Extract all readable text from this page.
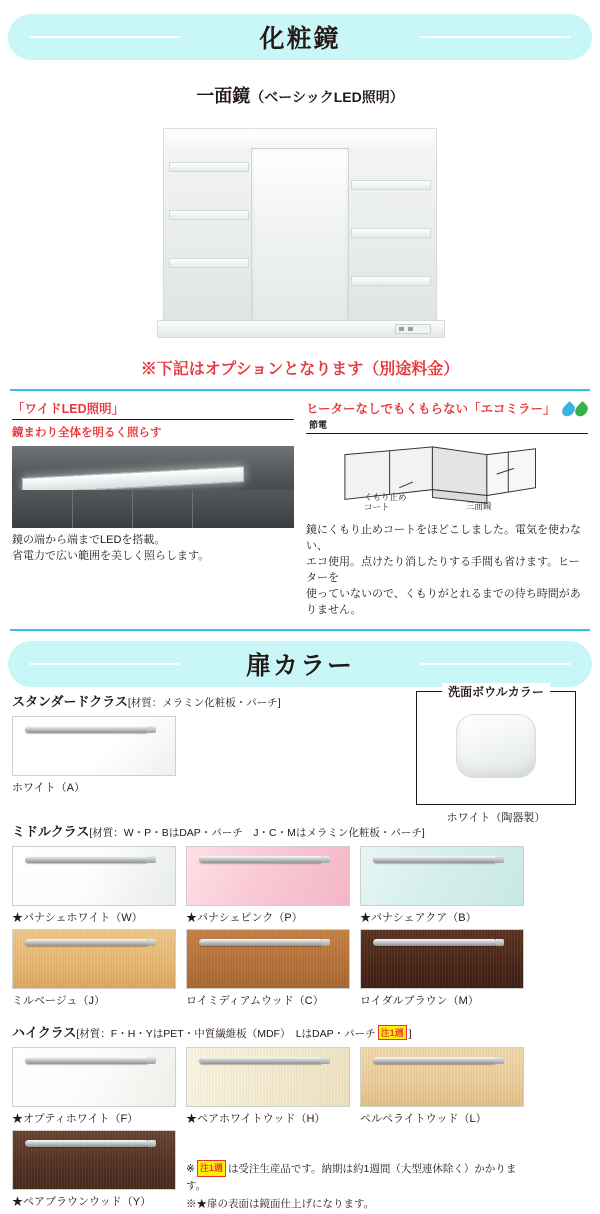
化粧鏡
一面鏡（ベーシックLED照明）
※下記はオプションとなります（別途料金）
「ワイドLED照明」
鏡まわり全体を明るく照らす
鏡の端から端までLEDを搭載。
省電力で広い範囲を美しく照らします。
ヒーターなしでもくもらない「エコミラー」
節電
くもり止め
コート	三面鏡
鏡にくもり止めコートをほどこしました。電気を使わない、
エコ使用。点けたり消したりする手間も省けます。ヒーターを
使っていないので、くもりがとれるまでの待ち時間がありません。
扉カラー
スタンダードクラス[材質：メラミン化粧板・パーチ]
ホワイト（A）
洗面ボウルカラー
ホワイト（陶器製）
ミドルクラス[材質：W・P・BはDAP・パーチ　J・C・Mはメラミン化粧板・パーチ]
★パナシェホワイト（W）	★パナシェピンク（P）	★パナシェアクア（B）
ミルベージュ（J）	ロイミディアムウッド（C）	ロイダルブラウン（M）
ハイクラス[材質：F・H・YはPET・中質繊維板（MDF）　LはDAP・パーチ 注1週 ]
★オプティホワイト（F）	★ペアホワイトウッド（H）	ペルペライトウッド（L）
★ペアブラウンウッド（Y）
※ 注1週 は受注生産品です。納期は約1週間（大型連休除く）かかります。
※★扉の表面は鏡面仕上げになります。
